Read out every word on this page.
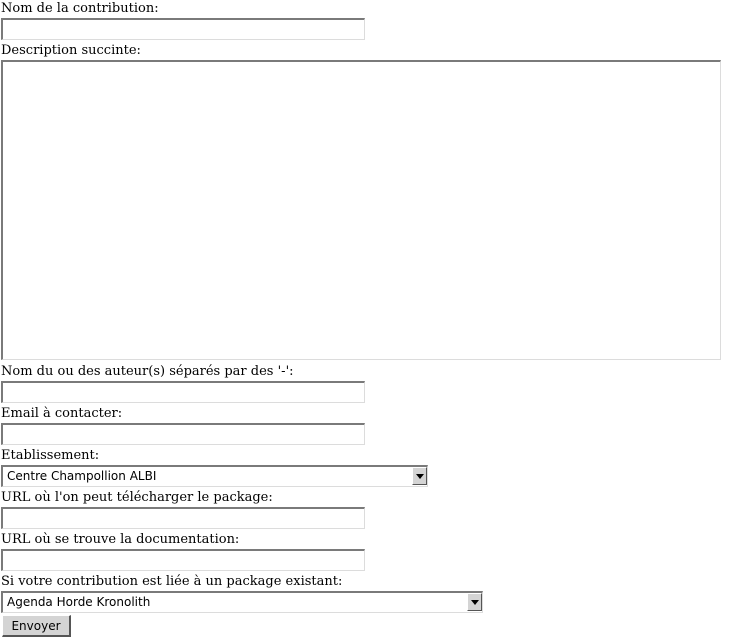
Nom de la contribution:
Description succinte:
Nom du ou des auteur(s) séparés par des '-':
Email à contacter:
Etablissement:
Centre Champollion ALBI
URL où l'on peut télécharger le package:
URL où se trouve la documentation:
Si votre contribution est liée à un package existant:
Agenda Horde Kronolith
Envoyer
